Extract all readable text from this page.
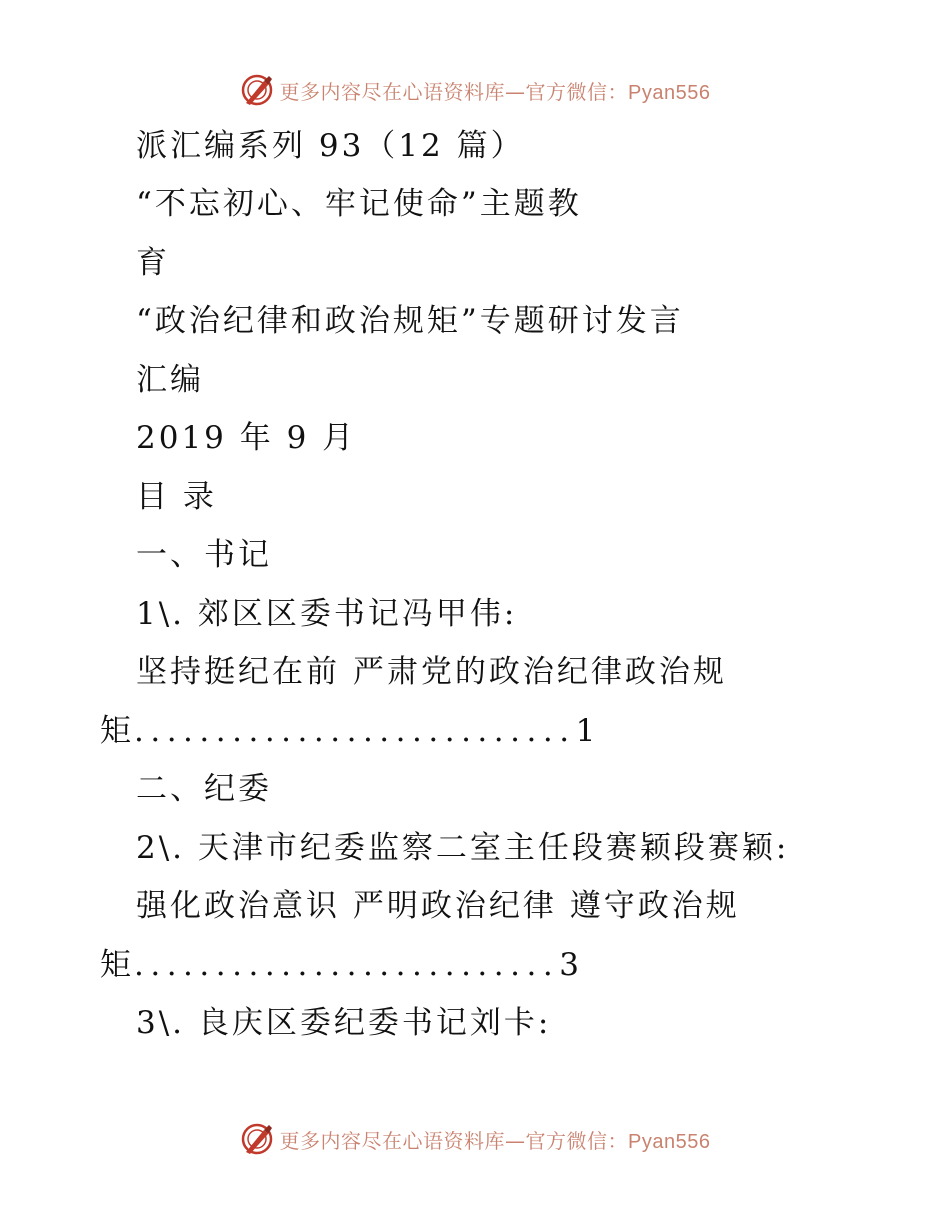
更多内容尽在心语资料库—官方微信：Pyan556
派汇编系列 93（12 篇）
“不忘初心、牢记使命”主题教
育
“政治纪律和政治规矩”专题研讨发言
汇编
2019 年 9 月
目 录
一、书记
1\. 郊区区委书记冯甲伟:
坚持挺纪在前 严肃党的政治纪律政治规
矩 ........................... 1
二、纪委
2\. 天津市纪委监察二室主任段赛颖段赛颖:
强化政治意识 严明政治纪律 遵守政治规
矩 .......................... 3
3\. 良庆区委纪委书记刘卡:
更多内容尽在心语资料库—官方微信：Pyan556
